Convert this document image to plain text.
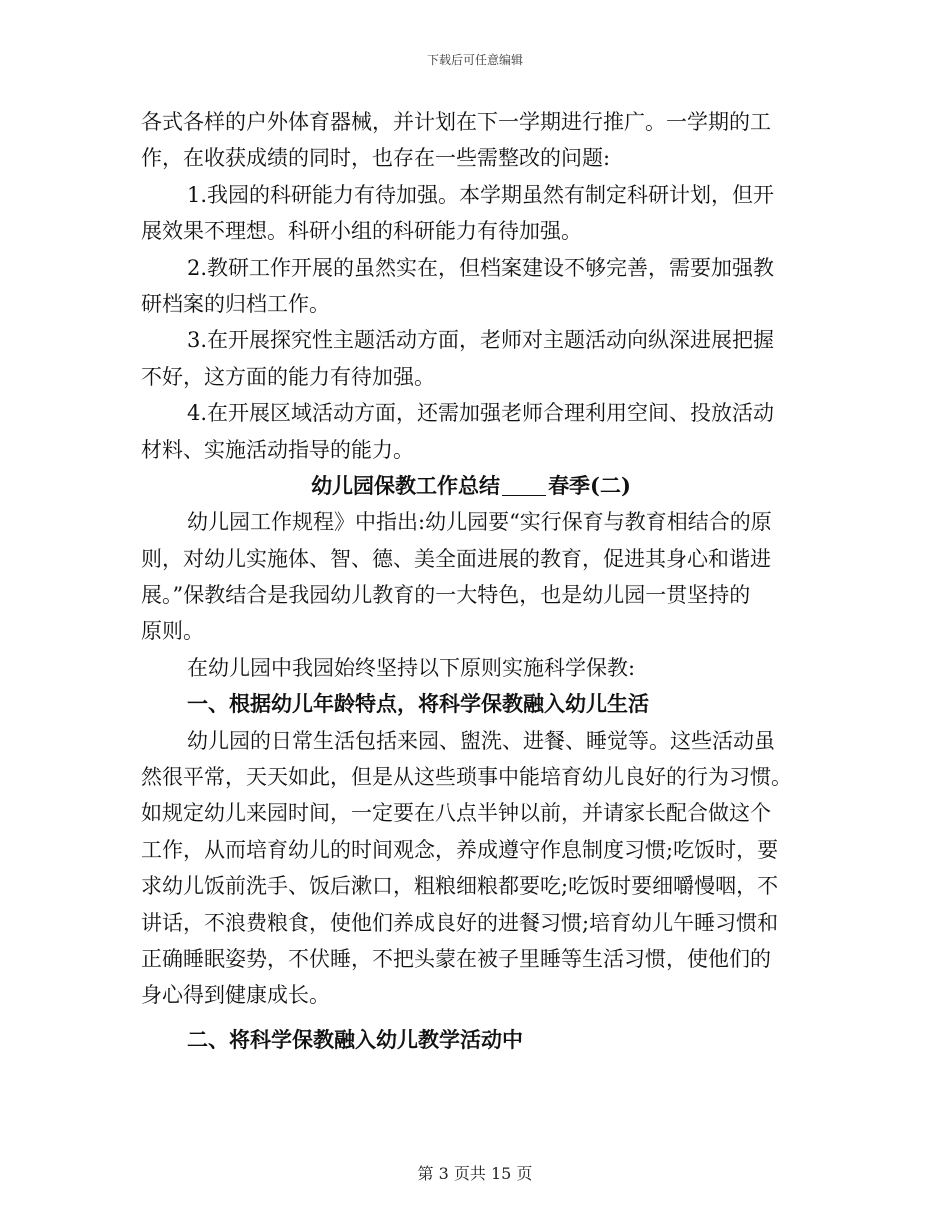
下载后可任意编辑
各式各样的户外体育器械，并计划在下一学期进行推广。一学期的工
作，在收获成绩的同时，也存在一些需整改的问题:
1.我园的科研能力有待加强。本学期虽然有制定科研计划，但开
展效果不理想。科研小组的科研能力有待加强。
2.教研工作开展的虽然实在，但档案建设不够完善，需要加强教
研档案的归档工作。
3.在开展探究性主题活动方面，老师对主题活动向纵深进展把握
不好，这方面的能力有待加强。
4.在开展区域活动方面，还需加强老师合理利用空间、投放活动
材料、实施活动指导的能力。
幼儿园保教工作总结 春季(二)
幼儿园工作规程》中指出:幼儿园要“实行保育与教育相结合的原
则，对幼儿实施体、智、德、美全面进展的教育，促进其身心和谐进
展。”保教结合是我园幼儿教育的一大特色，也是幼儿园一贯坚持的
原则。
在幼儿园中我园始终坚持以下原则实施科学保教:
一、根据幼儿年龄特点，将科学保教融入幼儿生活
幼儿园的日常生活包括来园、盥洗、进餐、睡觉等。这些活动虽
然很平常，天天如此，但是从这些琐事中能培育幼儿良好的行为习惯。
如规定幼儿来园时间，一定要在八点半钟以前，并请家长配合做这个
工作，从而培育幼儿的时间观念，养成遵守作息制度习惯;吃饭时，要
求幼儿饭前洗手、饭后漱口，粗粮细粮都要吃;吃饭时要细嚼慢咽，不
讲话，不浪费粮食，使他们养成良好的进餐习惯;培育幼儿午睡习惯和
正确睡眠姿势，不伏睡，不把头蒙在被子里睡等生活习惯，使他们的
身心得到健康成长。
二、将科学保教融入幼儿教学活动中
第 3 页共 15 页
